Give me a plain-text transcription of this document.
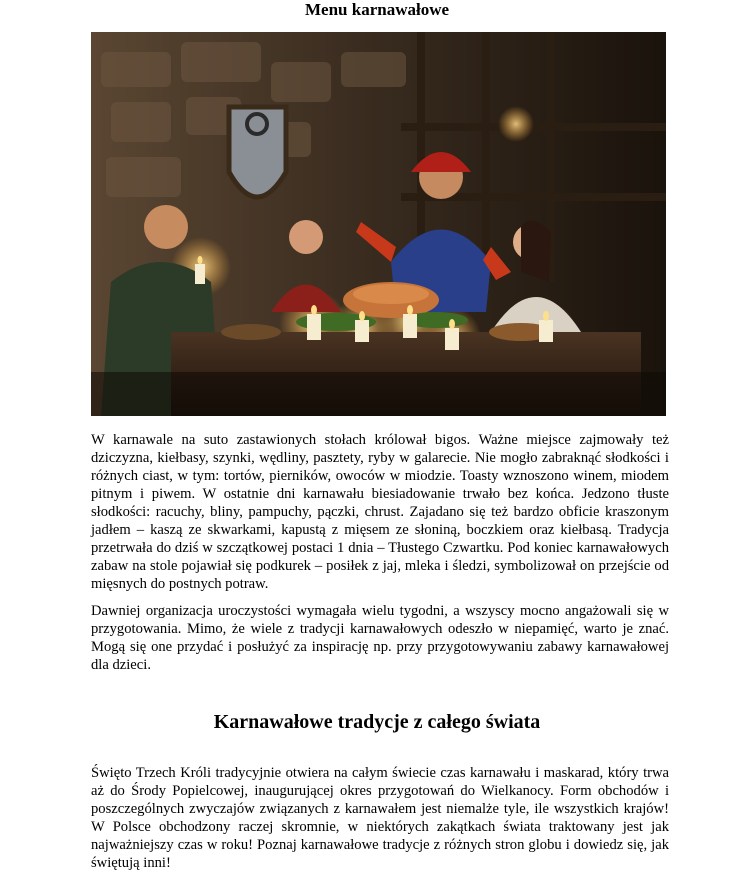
Menu karnawałowe

W karnawale na suto zastawionych stołach królował bigos. Ważne miejsce zajmowały też dziczyzna, kiełbasy, szynki, wędliny, pasztety, ryby w galarecie. Nie mogło zabraknąć słodkości i różnych ciast, w tym: tortów, pierników, owoców w miodzie. Toasty wznoszono winem, miodem pitnym i piwem. W ostatnie dni karnawału biesiadowanie trwało bez końca. Jedzono tłuste słodkości: racuchy, bliny, pampuchy, pączki, chrust. Zajadano się też bardzo obficie kraszonym jadłem – kaszą ze skwarkami, kapustą z mięsem ze słoniną, boczkiem oraz kiełbasą. Tradycja przetrwała do dziś w szczątkowej postaci 1 dnia – Tłustego Czwartku. Pod koniec karnawałowych zabaw na stole pojawiał się podkurek – posiłek z jaj, mleka i śledzi, symbolizował on przejście od mięsnych do postnych potraw.

Dawniej organizacja uroczystości wymagała wielu tygodni, a wszyscy mocno angażowali się w przygotowania. Mimo, że wiele z tradycji karnawałowych odeszło w niepamięć, warto je znać. Mogą się one przydać i posłużyć za inspirację np. przy przygotowywaniu zabawy karnawałowej dla dzieci.

Karnawałowe tradycje z całego świata

Święto Trzech Króli tradycyjnie otwiera na całym świecie czas karnawału i maskarad, który trwa aż do Środy Popielcowej, inaugurującej okres przygotowań do Wielkanocy. Form obchodów i poszczególnych zwyczajów związanych z karnawałem jest niemalże tyle, ile wszystkich krajów! W Polsce obchodzony raczej skromnie, w niektórych zakątkach świata traktowany jest jak najważniejszy czas w roku! Poznaj karnawałowe tradycje z różnych stron globu i dowiedz się, jak świętują inni!
